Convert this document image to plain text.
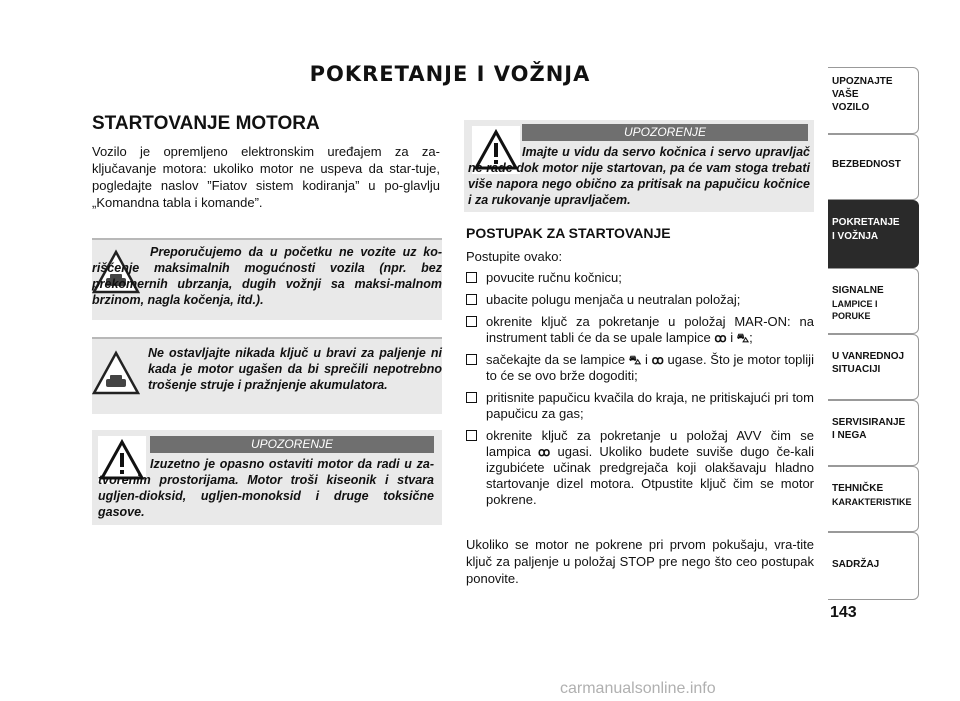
POKRETANJE I VOŽNJA
STARTOVANJE MOTORA
Vozilo je opremljeno elektronskim uređajem za za-ključavanje motora: ukoliko motor ne uspeva da star-tuje, pogledajte naslov ”Fiatov sistem kodiranja” u po-glavlju „Komandna tabla i komande”.
Preporučujemo da u početku ne vozite uz ko-rišćenje maksimalnih mogućnosti vozila (npr. bez prekomernih ubrzanja, dugih vožnji sa maksi-malnom brzinom, nagla kočenja, itd.).
Ne ostavljajte nikada ključ u bravi za paljenje ni kada je motor ugašen da bi sprečili nepotrebno trošenje struje i pražnjenje akumulatora.
UPOZORENJE
Izuzetno je opasno ostaviti motor da radi u za-tvorenim prostorijama. Motor troši kiseonik i stvara ugljen-dioksid, ugljen-monoksid i druge toksične gasove.
UPOZORENJE
Imajte u vidu da servo kočnica i servo upravljač ne rade dok motor nije startovan, pa će vam stoga trebati više napora nego obično za pritisak na papučicu kočnice i za rukovanje upravljačem.
POSTUPAK ZA STARTOVANJE
Postupite ovako:
povucite ručnu kočnicu;
ubacite polugu menjača u neutralan položaj;
okrenite ključ za pokretanje u položaj MAR-ON: na instrument tabli će da se upale lampice ꝏ i ⛍;
sačekajte da se lampice ⛍ i ꝏ ugase. Što je motor topliji to će se ovo brže dogoditi;
pritisnite papučicu kvačila do kraja, ne pritiskajući pri tom papučicu za gas;
okrenite ključ za pokretanje u položaj AVV čim se lampica ꝏ ugasi. Ukoliko budete suviše dugo če-kali izgubićete učinak predgrejača koji olakšavaju hladno startovanje dizel motora. Otpustite ključ čim se motor pokrene.
Ukoliko se motor ne pokrene pri prvom pokušaju, vra-tite ključ za paljenje u položaj STOP pre nego što ceo postupak ponovite.
UPOZNAJTE
VAŠE
VOZILO
BEZBEDNOST
POKRETANJE
I VOŽNJA
SIGNALNE
LAMPICE I PORUKE
U VANREDNOJ
SITUACIJI
SERVISIRANJE
I NEGA
TEHNIČKE
KARAKTERISTIKE
SADRŽAJ
143
carmanualsonline.info
